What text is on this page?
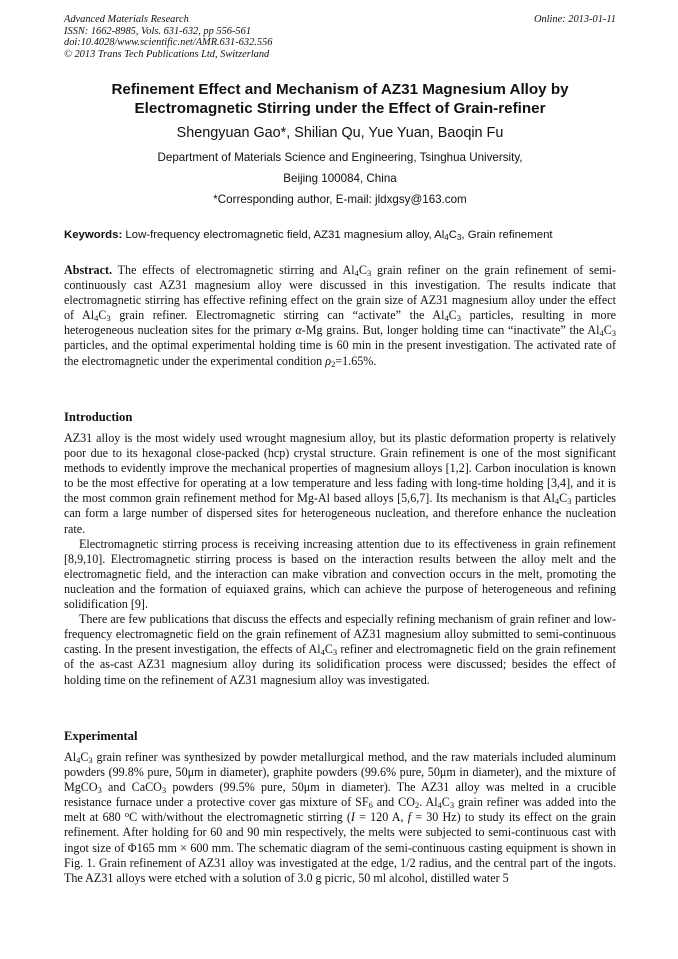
Advanced Materials Research
ISSN: 1662-8985, Vols. 631-632, pp 556-561
doi:10.4028/www.scientific.net/AMR.631-632.556
© 2013 Trans Tech Publications Ltd, Switzerland
Online: 2013-01-11
Refinement Effect and Mechanism of AZ31 Magnesium Alloy by
Electromagnetic Stirring under the Effect of Grain-refiner
Shengyuan Gao*, Shilian Qu, Yue Yuan, Baoqin Fu
Department of Materials Science and Engineering, Tsinghua University,
Beijing 100084, China
*Corresponding author, E-mail: jldxgsy@163.com
Keywords: Low-frequency electromagnetic field, AZ31 magnesium alloy, $Al_4C_3$, Grain refinement

Abstract. The effects of electromagnetic stirring and $Al_4C_3$ grain refiner on the grain refinement of semi-continuously cast AZ31 magnesium alloy were discussed in this investigation. The results indicate that electromagnetic stirring has effective refining effect on the grain size of AZ31 magnesium alloy under the effect of $Al_4C_3$ grain refiner. Electromagnetic stirring can “activate” the $Al_4C_3$ particles, resulting in more heterogeneous nucleation sites for the primary α-Mg grains. But, longer holding time can “inactivate” the $Al_4C_3$ particles, and the optimal experimental holding time is 60 min in the present investigation. The activated rate of the electromagnetic under the experimental condition $\rho_2=1.65\%$.

Introduction

AZ31 alloy is the most widely used wrought magnesium alloy, but its plastic deformation property is relatively poor due to its hexagonal close-packed (hcp) crystal structure. Grain refinement is one of the most significant methods to evidently improve the mechanical properties of magnesium alloys [1,2]. Carbon inoculation is known to be the most effective for operating at a low temperature and less fading with long-time holding [3,4], and it is the most common grain refinement method for Mg-Al based alloys [5,6,7]. Its mechanism is that $Al_4C_3$ particles can form a large number of dispersed sites for heterogeneous nucleation, and therefore enhance the nucleation rate.

Electromagnetic stirring process is receiving increasing attention due to its effectiveness in grain refinement [8,9,10]. Electromagnetic stirring process is based on the interaction results between the alloy melt and the electromagnetic field, and the interaction can make vibration and convection occurs in the melt, promoting the nucleation and the formation of equiaxed grains, which can achieve the purpose of heterogeneous and refining solidification [9].

There are few publications that discuss the effects and especially refining mechanism of grain refiner and low-frequency electromagnetic field on the grain refinement of AZ31 magnesium alloy submitted to semi-continuous casting. In the present investigation, the effects of $Al_4C_3$ refiner and electromagnetic field on the grain refinement of the as-cast AZ31 magnesium alloy during its solidification process were discussed; besides the effect of holding time on the refinement of AZ31 magnesium alloy was investigated.

Experimental

$Al_4C_3$ grain refiner was synthesized by powder metallurgical method, and the raw materials included aluminum powders (99.8% pure, 50μm in diameter), graphite powders (99.6% pure, 50μm in diameter), and the mixture of MgCO$_3$ and CaCO$_3$ powders (99.5% pure, 50μm in diameter). The AZ31 alloy was melted in a crucible resistance furnace under a protective cover gas mixture of $SF_6$ and $CO_2$. $Al_4C_3$ grain refiner was added into the melt at 680 $^o$C with/without the electromagnetic stirring (I = 120 A, f = 30 Hz) to study its effect on the grain refinement. After holding for 60 and 90 min respectively, the melts were subjected to semi-continuous cast with ingot size of Φ165 mm × 600 mm. The schematic diagram of the semi-continuous casting equipment is shown in Fig. 1. Grain refinement of AZ31 alloy was investigated at the edge, 1/2 radius, and the central part of the ingots. The AZ31 alloys were etched with a solution of 3.0 g picric, 50 ml alcohol, distilled water 5
